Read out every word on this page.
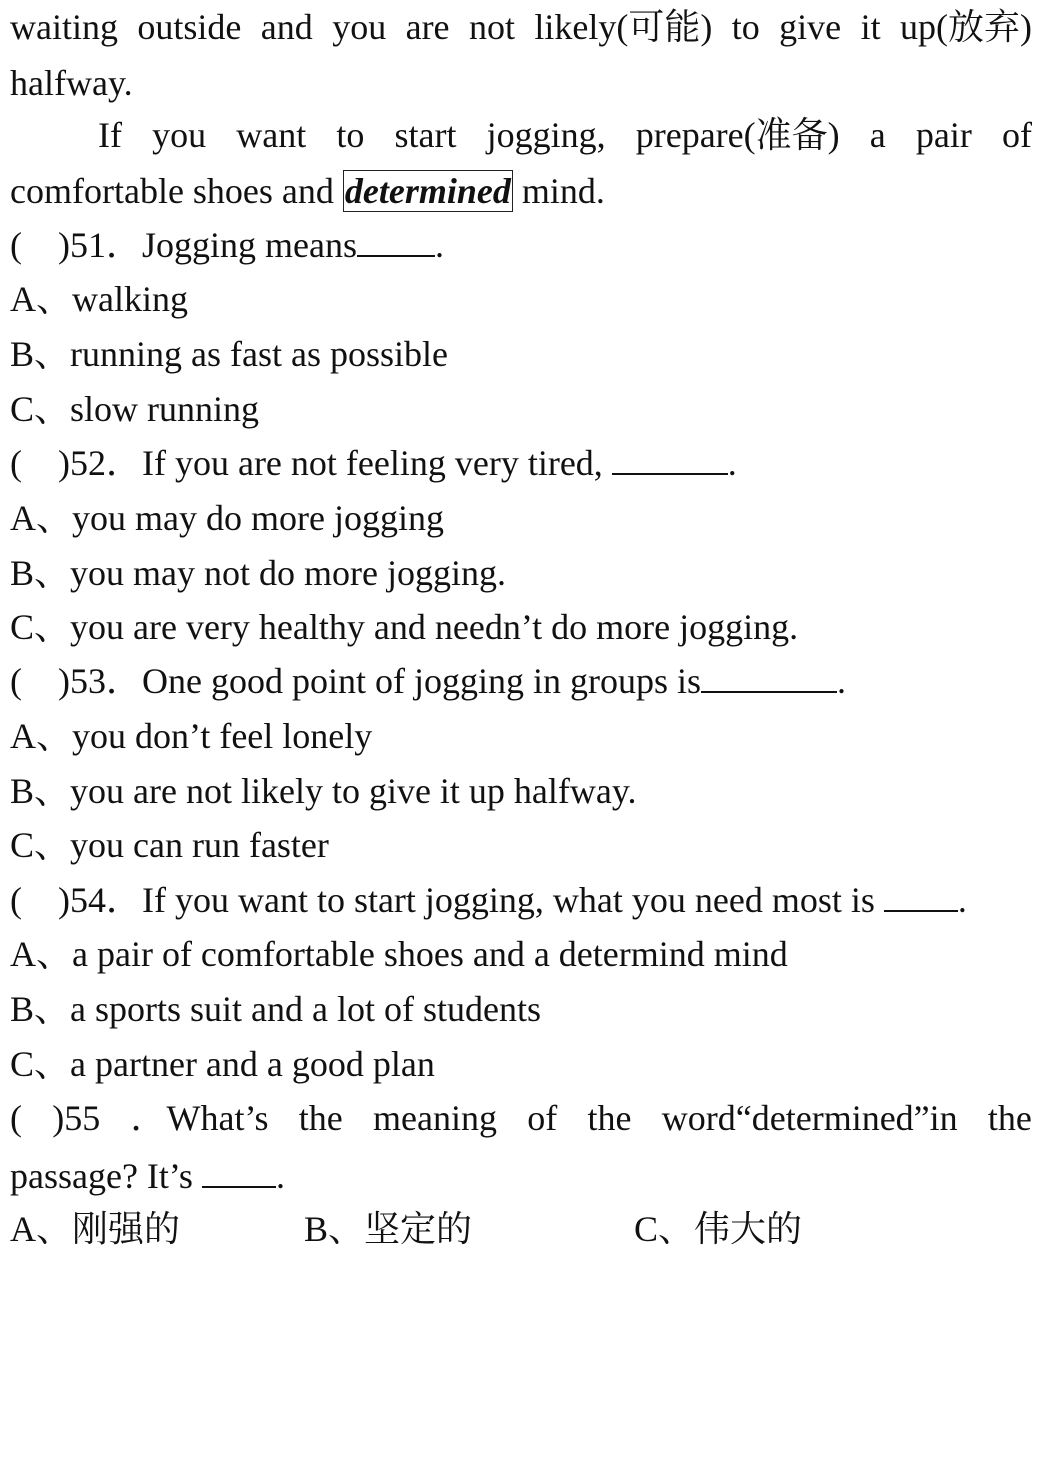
waiting outside and you are not likely(可能) to give it up(放弃)
halfway.
If you want to start jogging, prepare(准备) a pair of
comfortable shoes and determined mind.
(    )51．Jogging means .
A、walking
B、running as fast as possible
C、slow running
(    )52．If you are not feeling very tired,	.
A、you may do more jogging
B、you may not do more jogging.
C、you are very healthy and needn’t do more jogging.
(    )53．One good point of jogging in groups is	.
A、you don’t feel lonely
B、you are not likely to give it up halfway.
C、you can run faster
(    )54．If you want to start jogging, what you need most is .
A、a pair of comfortable shoes and a determind mind
B、a sports suit and a lot of students
C、a partner and a good plan
( )55 ．What’s the meaning of the word“determined”in the
passage? It’s .
A、刚强的	B、坚定的	C、伟大的
